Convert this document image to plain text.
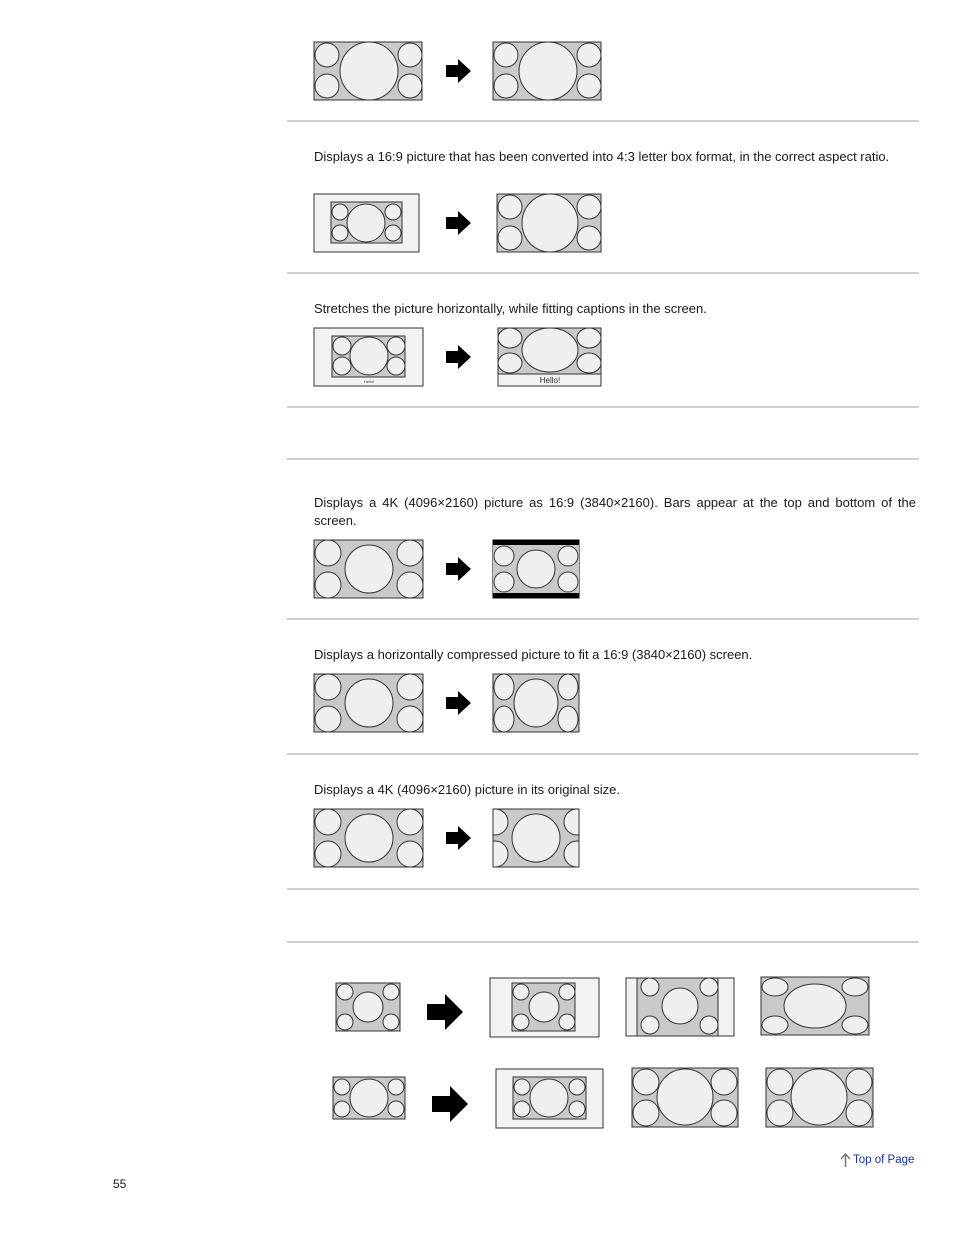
Displays a 16:9 picture that has been converted into 4:3 letter box format, in the correct aspect ratio.

Stretches the picture horizontally, while fitting captions in the screen.

Hello!	Hello!

Displays a 4K (4096×2160) picture as 16:9 (3840×2160). Bars appear at the top and bottom of the screen.

Displays a horizontally compressed picture to fit a 16:9 (3840×2160) screen.

Displays a 4K (4096×2160) picture in its original size.

Top of Page
55
